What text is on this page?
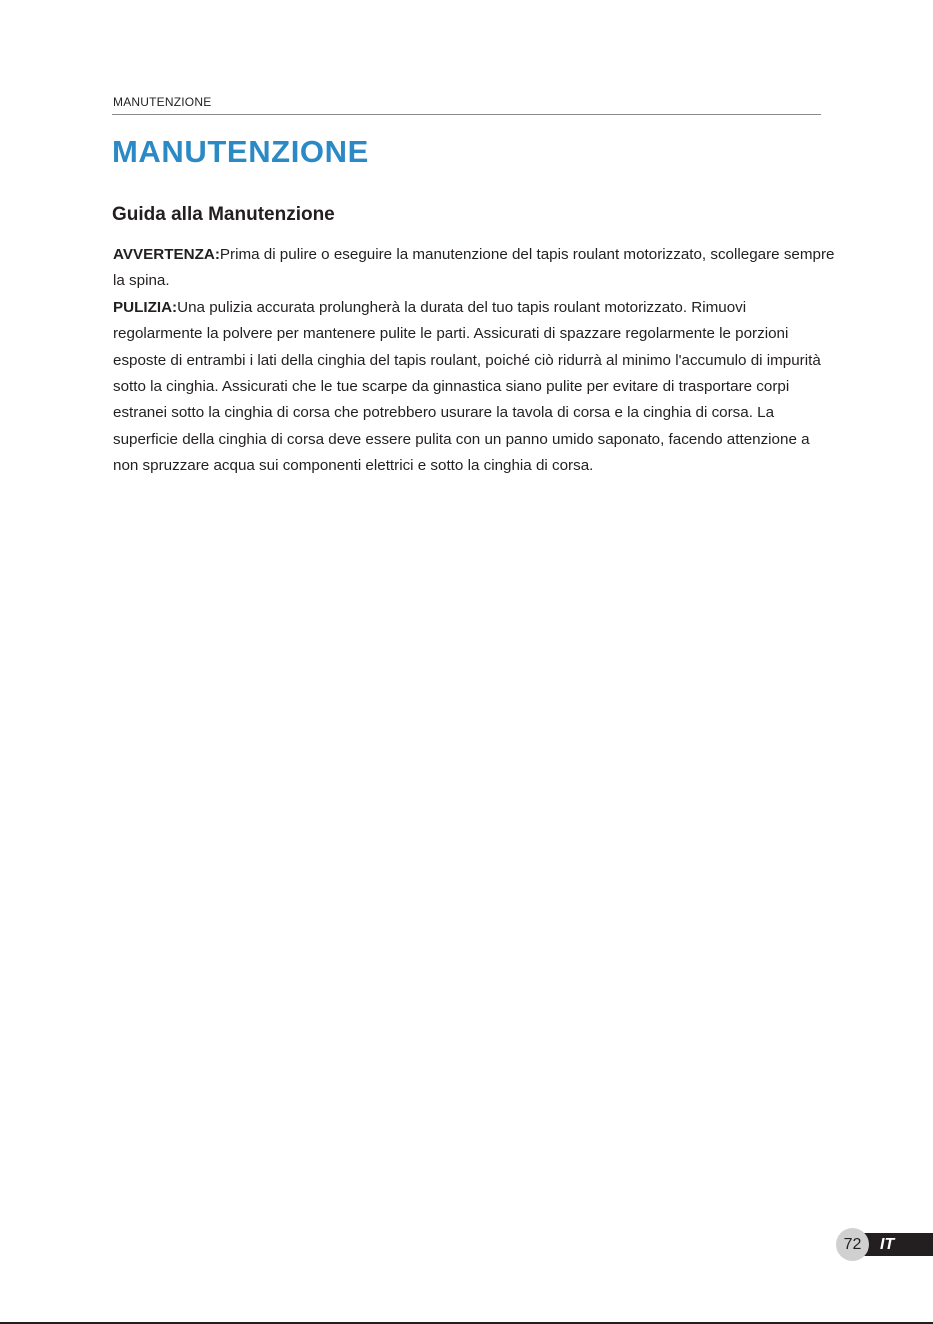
MANUTENZIONE
MANUTENZIONE
Guida alla Manutenzione

AVVERTENZA:Prima di pulire o eseguire la manutenzione del tapis roulant motorizzato, scollegare sempre la spina.

PULIZIA:Una pulizia accurata prolungherà la durata del tuo tapis roulant motorizzato. Rimuovi regolarmente la polvere per mantenere pulite le parti. Assicurati di spazzare regolarmente le porzioni esposte di entrambi i lati della cinghia del tapis roulant, poiché ciò ridurrà al minimo l'accumulo di impurità sotto la cinghia. Assicurati che le tue scarpe da ginnastica siano pulite per evitare di trasportare corpi estranei sotto la cinghia di corsa che potrebbero usurare la tavola di corsa e la cinghia di corsa. La superficie della cinghia di corsa deve essere pulita con un panno umido saponato, facendo attenzione a non spruzzare acqua sui componenti elettrici e sotto la cinghia di corsa.

IT
72
